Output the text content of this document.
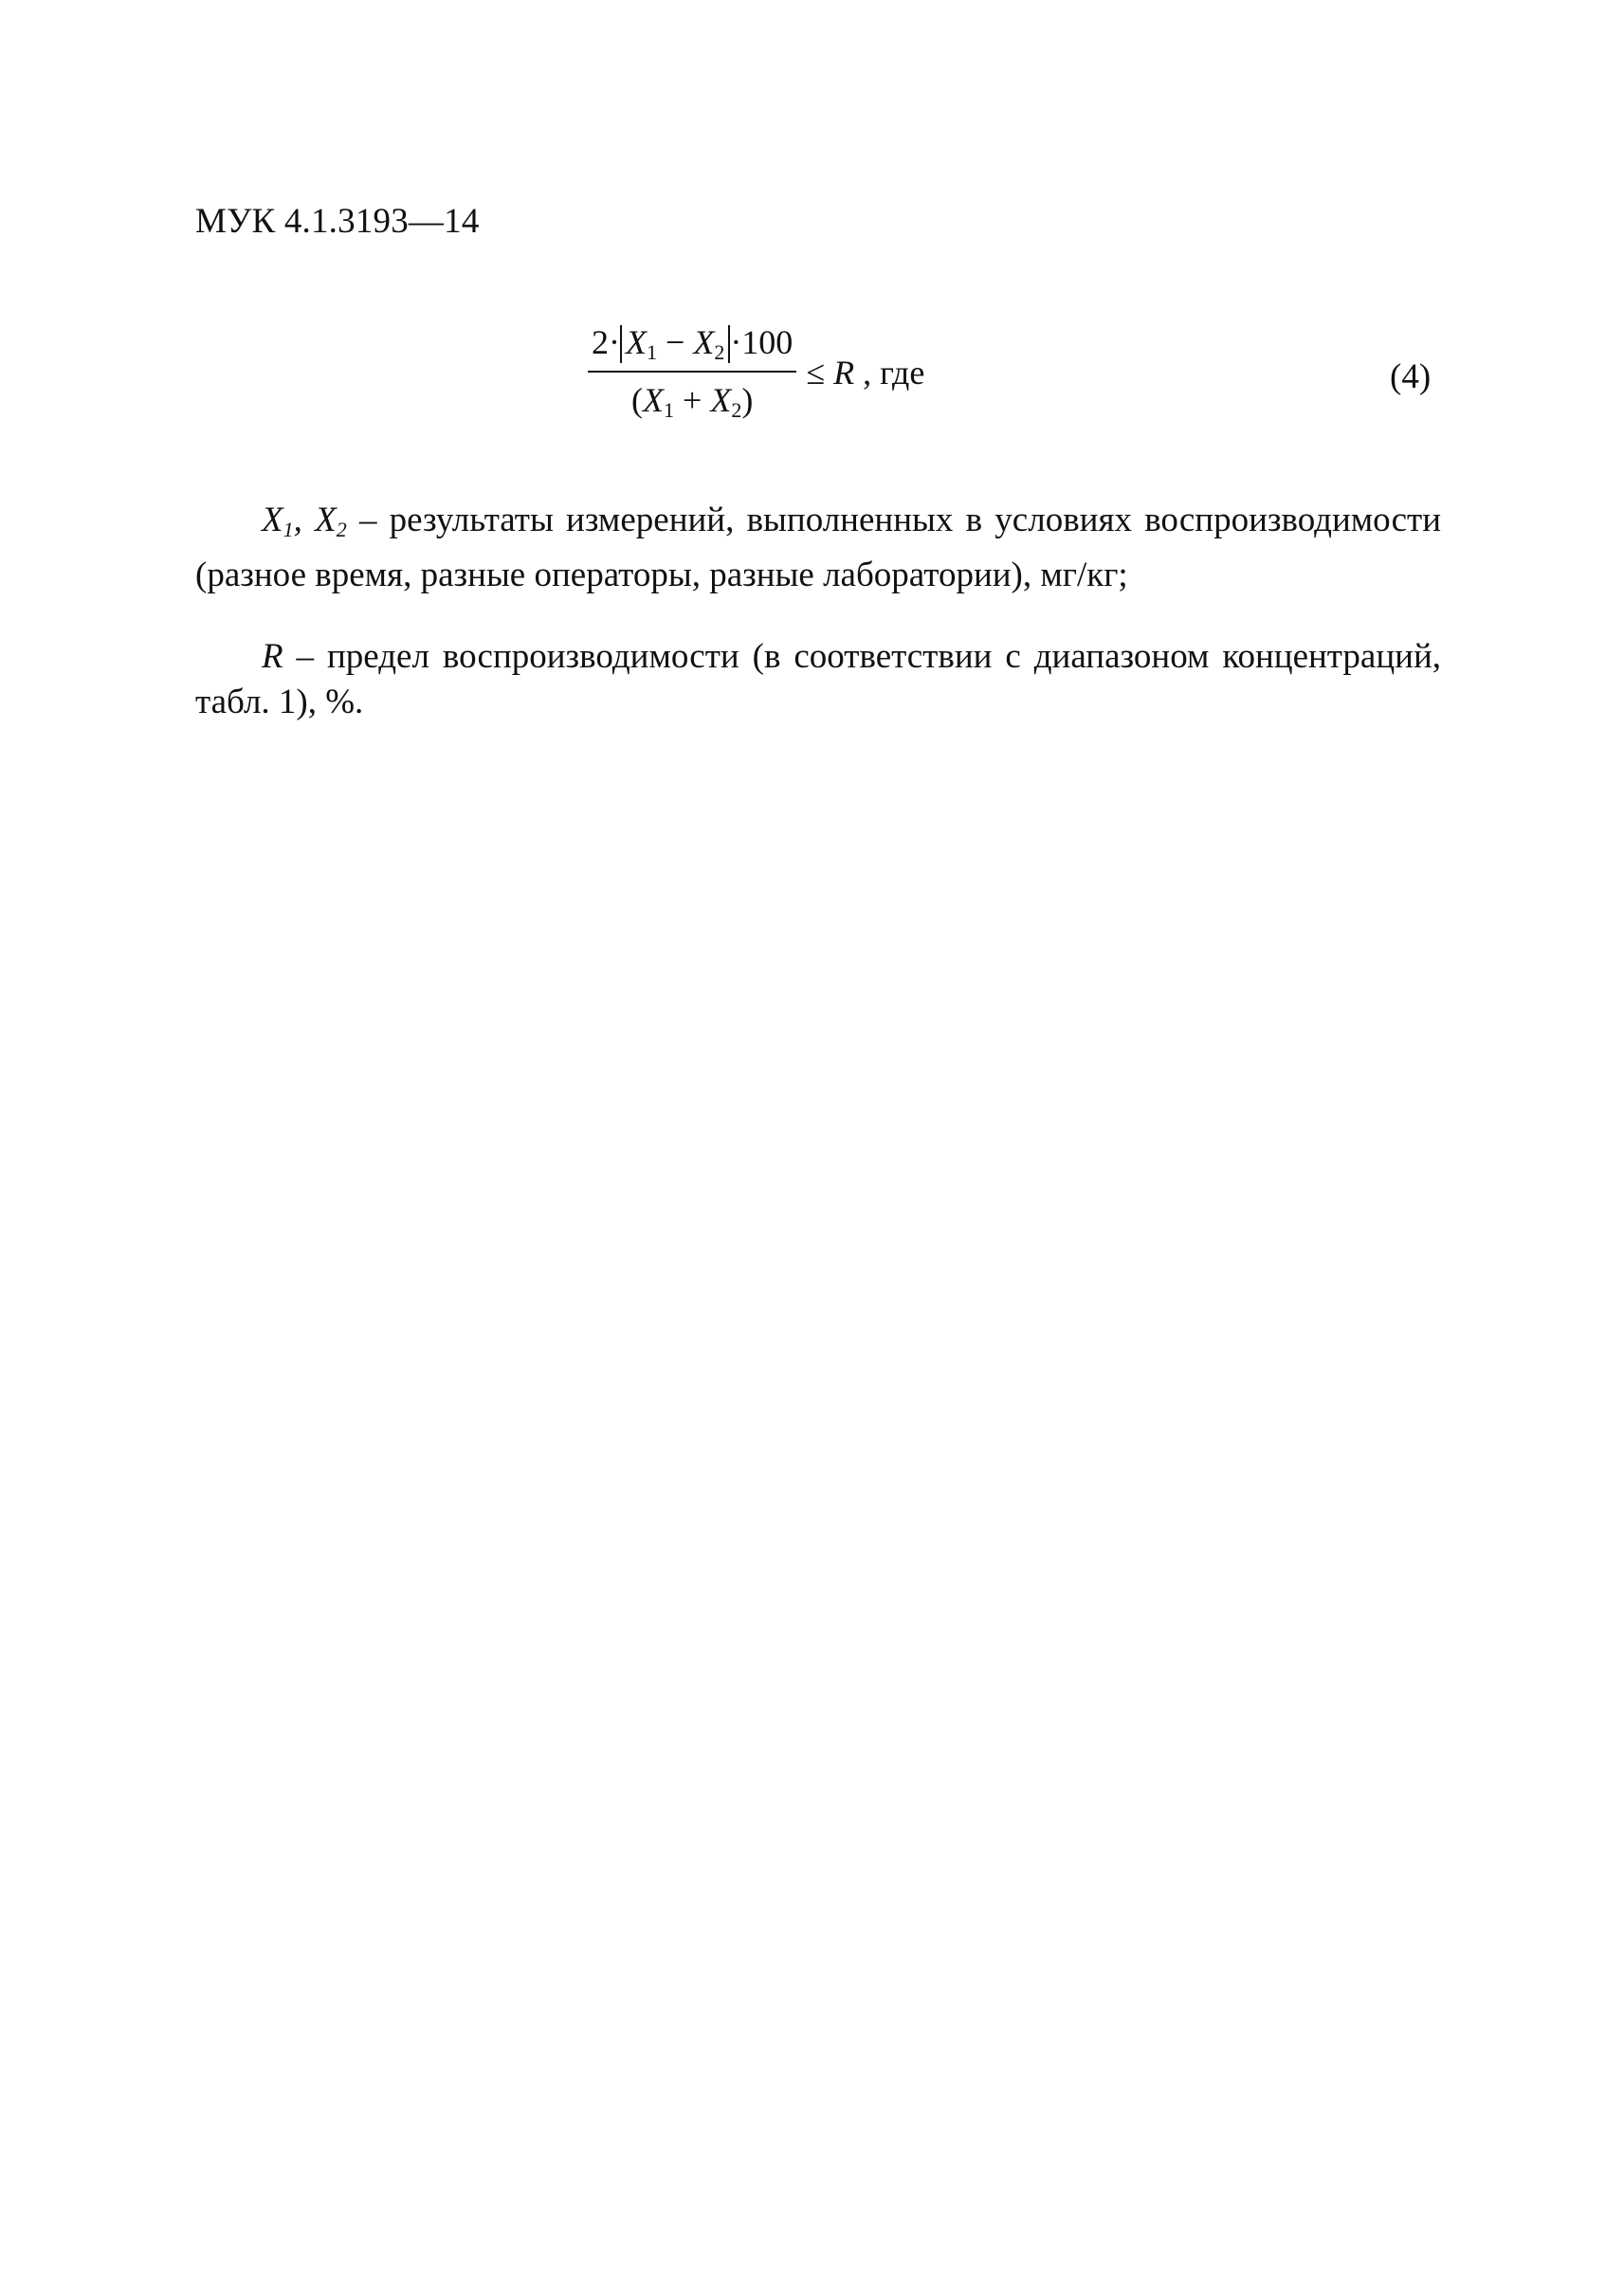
МУК 4.1.3193—14
$\frac{2\cdot X_1 - X_2 \cdot 100}{(X_1 + X_2)} \le R$ , где	(4)

$X_1$, $X_2$ – результаты измерений, выполненных в условиях воспроизводимости (разное время, разные операторы, разные лаборатории), мг/кг;

R – предел воспроизводимости (в соответствии с диапазоном концентраций, табл. 1), %.
